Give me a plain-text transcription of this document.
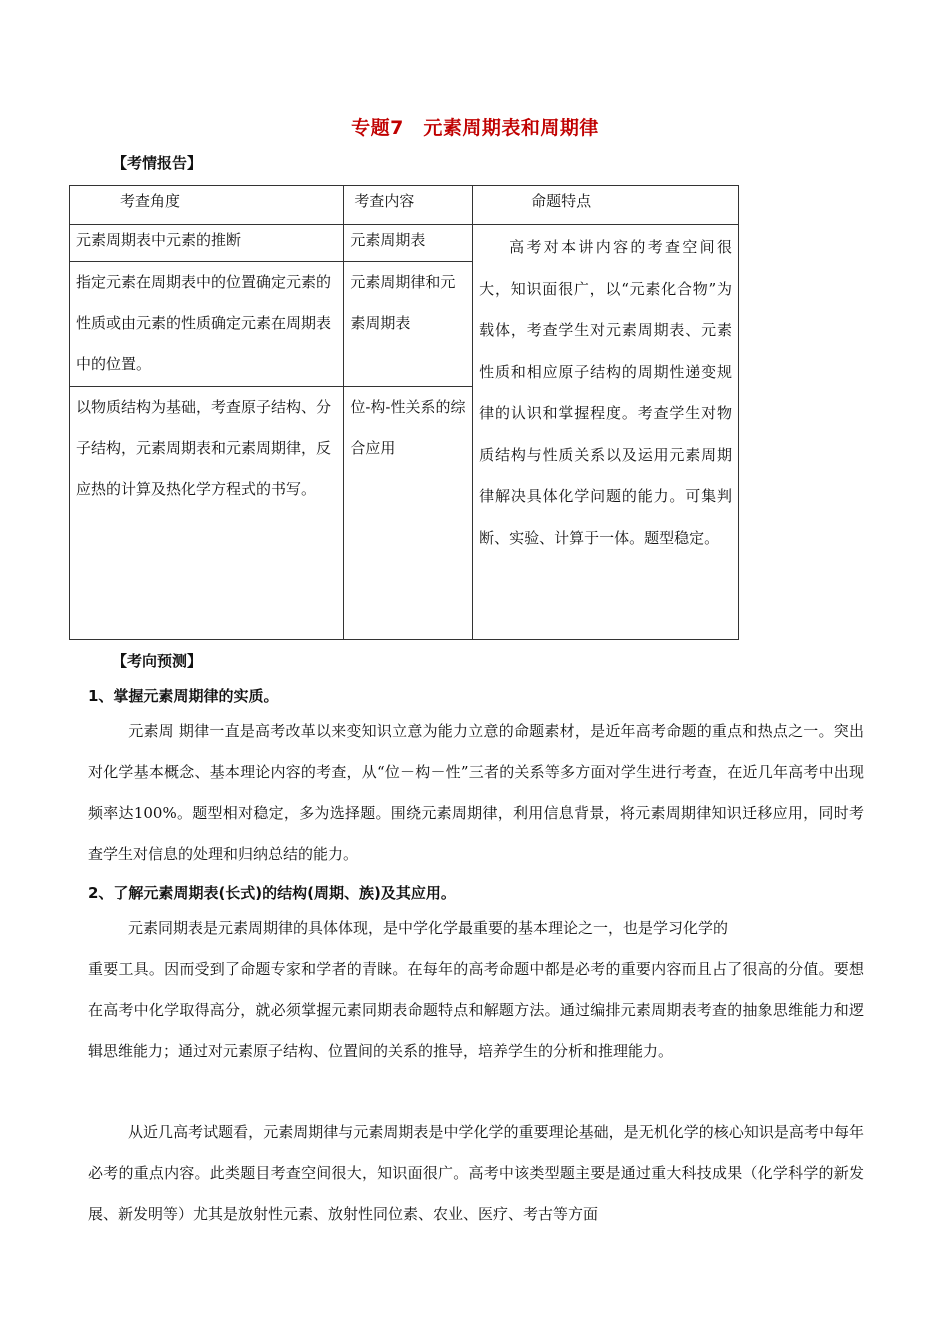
专题7　元素周期表和周期律
【考情报告】
考查角度	考查内容	命题特点
元素周期表中元素的推断	元素周期表	高考对本讲内容的考查空间很大，知识面很广，以“元素化合物”为载体，考查学生对元素周期表、元素性质和相应原子结构的周期性递变规律的认识和掌握程度。考查学生对物质结构与性质关系以及运用元素周期律解决具体化学问题的能力。可集判断、实验、计算于一体。题型稳定。
指定元素在周期表中的位置确定元素的性质或由元素的性质确定元素在周期表中的位置。	元素周期律和元素周期表	
以物质结构为基础，考查原子结构、分子结构，元素周期表和元素周期律，反应热的计算及热化学方程式的书写。	位-构-性关系的综合应用	
【考向预测】
1、掌握元素周期律的实质。
元素周 期律一直是高考改革以来变知识立意为能力立意的命题素材，是近年高考命题的重点和热点之一。突出对化学基本概念、基本理论内容的考查，从“位－构－性”三者的关系等多方面对学生进行考查，在近几年高考中出现频率达100%。题型相对稳定，多为选择题。围绕元素周期律，利用信息背景，将元素周期律知识迁移应用，同时考查学生对信息的处理和归纳总结的能力。
2、了解元素周期表(长式)的结构(周期、族)及其应用。
元素同期表是元素周期律的具体体现，是中学化学最重要的基本理论之一，也是学习化学的
重要工具。因而受到了命题专家和学者的青睐。在每年的高考命题中都是必考的重要内容而且占了很高的分值。要想在高考中化学取得高分，就必须掌握元素同期表命题特点和解题方法。通过编排元素周期表考查的抽象思维能力和逻辑思维能力；通过对元素原子结构、位置间的关系的推导，培养学生的分析和推理能力。
从近几高考试题看，元素周期律与元素周期表是中学化学的重要理论基础，是无机化学的核心知识是高考中每年必考的重点内容。此类题目考查空间很大，知识面很广。高考中该类型题主要是通过重大科技成果（化学科学的新发展、新发明等）尤其是放射性元素、放射性同位素、农业、医疗、考古等方面
